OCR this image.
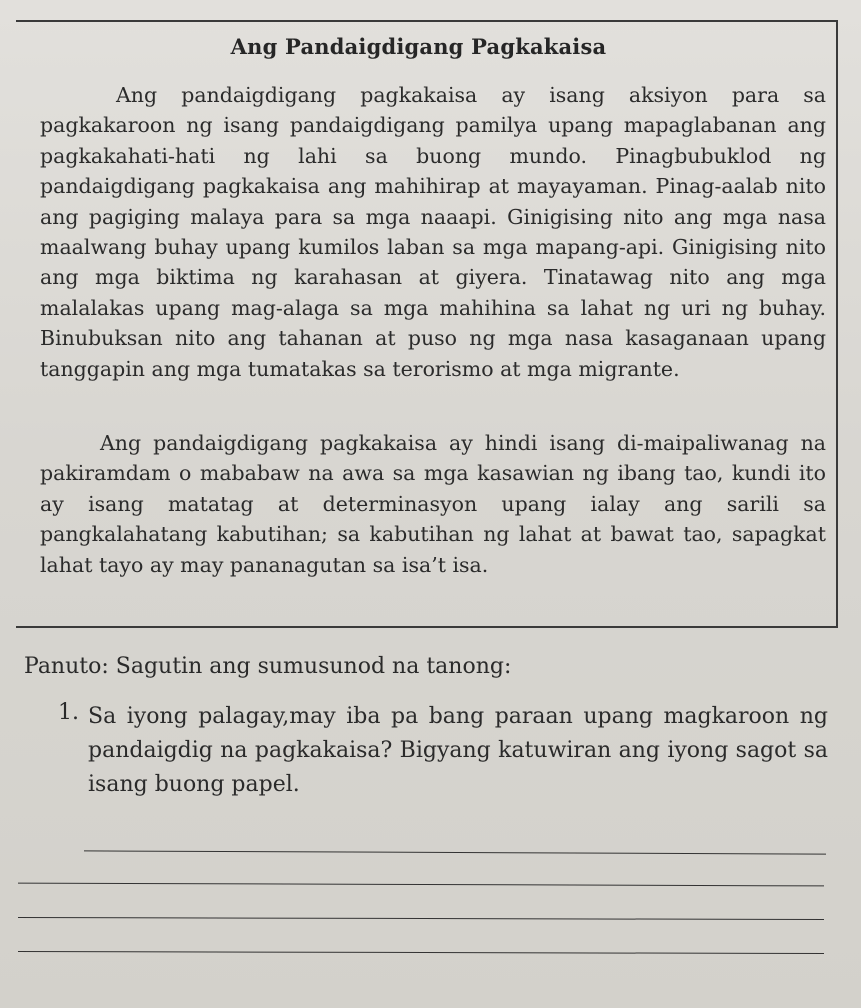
Ang Pandaigdigang Pagkakaisa
Ang pandaigdigang pagkakaisa ay isang aksiyon para sa pagkakaroon ng isang pandaigdigang pamilya upang mapaglabanan ang pagkakahati-hati ng lahi sa buong mundo. Pinagbubuklod ng pandaigdigang pagkakaisa ang mahihirap at mayayaman. Pinag-aalab nito ang pagiging malaya para sa mga naaapi. Ginigising nito ang mga nasa maalwang buhay upang kumilos laban sa mga mapang-api. Ginigising nito ang mga biktima ng karahasan at giyera. Tinatawag nito ang mga malalakas upang mag-alaga sa mga mahihina sa lahat ng uri ng buhay. Binubuksan nito ang tahanan at puso ng mga nasa kasaganaan upang tanggapin ang mga tumatakas sa terorismo at mga migrante.
Ang pandaigdigang pagkakaisa ay hindi isang di-maipaliwanag na pakiramdam o mababaw na awa sa mga kasawian ng ibang tao, kundi ito ay isang matatag at determinasyon upang ialay ang sarili sa pangkalahatang kabutihan; sa kabutihan ng lahat at bawat tao, sapagkat lahat tayo ay may pananagutan sa isa’t isa.
Panuto: Sagutin ang sumusunod na tanong:
1. Sa iyong palagay,may iba pa bang paraan upang magkaroon ng pandaigdig na pagkakaisa? Bigyang katuwiran ang iyong sagot sa isang buong papel.
